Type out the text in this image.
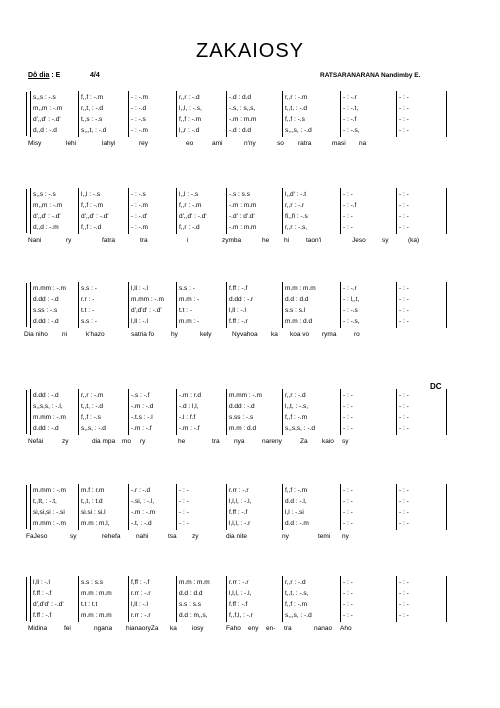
ZAKAIOSY
Dô dia : E	4/4	RATSARANARANA Nandimby E.
DC
s,,s : -.s	f,,f : -.m	- : -.m	r,,r : -.d	-.d : d.d	r,,r : -.m	- : -.r	- : -
m,,m : -.m	r,,t, : -.d	- : -.d	l,,l, : -.s,	-.s, : s,,s,	t,,t, : -.d	- : -.t,	- : -
d',,d' : -.d'	t,,s : -.s	- : -.s	f,,f : -.m	-.m : m.m	f,,f : -.s	- : -.f	- : -
d,,d : -.d	s,,,t, : -.d	- : -.m	l,,r : -.d	-.d : d.d	s,,,s, : -.d	- : -.s,	- : -
Misy	lehi	lahyi	rey	eo	ami	n'ny	so ratra	masi na
s,,s : -.s	l,,l : -.s	- : -.s	l,,l : -.s	-.s : s.s	l,,d' : -.t	- : -	- : -
m,,m : -.m	f,,f : -.m	- : -.m	f,,r : -.m	-.m : m.m	r,,r : -.r	- : -.f	- : -
d',,d' : -.d'	d',,d' : -.d'	- : -.d'	d',,d' : -.d'	-.d' : d'.d'	fi,,fi : -.s	- : -	- : -
d,,d : -.m	f,,f : -.d	- : -.m	f,,r : -.d	-.m : m.m	r,,r : -.s,	- : -	- : -
Nani	ry	fatra	tra	i	zymba	he hi	taon'i	Jeso	sy	(ka)
m.mm : -.m	s.s : -	l,ll : -.l	s.s : -	f.ff : -.f	m.m : m.m	- : -.r	- : -
d.dd : -.d	r.r : -	m.mm : -.m	m.m : -	d.dd : -.r	d.d : d.d	- : l,,t,	- : -
s.ss : -.s	t.t : -	d',d'd' : -.d'	t.t : -	l,ll : -.l	s.s : s.l	- : -.s	- : -
d.dd : -.d	s.s : -	l,ll : -.l	m.m : -	f.ff : -.r	m.m : d.d	- : -.s,	- : -
Dia niho ni	k'hazo	satria fo	hy	kely	Nyvahoa ka koa vo ryma	ro
d.dd : -.d	r,,r : -.m	-.s : -.f	-.m : r.d	m.mm : -.m	r,,r : -.d	- : -	- : -
s,,s,s, : -.l,	t,,t, : -.d	-.m : -.d	-.d : l,l,	d.dd : -.d	l,,t, : -.s,	- : -	- : -
m.mm : -.m	f,,f : -.s	-.t.s : -.l	-.l : f.f	s.ss : -.s	f,,f : -.m	- : -	- : -
d.dd : -.d	s,,s, : -.d	-.m : -.f	-.m : -.f	m.m : d.d	s,,s,s, : -.d	- : -	- : -
Nefai	zy	dia mpa mo ry	he	tra nya	nareny	Za kaio sy
m.mm : -.m	m.f : r.m	-.r : -.d	- : -	r.rr : -.r	f,,f : -.m	- : -	- : -
t,,tt, : -.t,	t,,t, : t.d	-.si, : -.l,	- : -	l,l,l, : -.l,	d.d : -.l,	- : -	- : -
si,si,si : -.si	si.si : si.l	-.m : -.m	- : -	f.ff : -.f	l,l : -.si	- : -	- : -
m.mm : -.m	m.m : m.l,	-.t, : -.d	- : -	l,l,l, : -.r	d.d : -.m	- : -	- : -
FaJeso	sy	rehefa nahi	tsa zy	dia nite	ny	temi ny
l,ll : -.l	s.s : s.s	f,ff : -.f	m.m : m.m	r.rr : -.r	r,,r : -.d	- : -	- : -
f.ff : -.f	m.m : m.m	r.rr : -.r	d.d : d.d	l,l,l, : -.l,	t,,t, : -.s,	- : -	- : -
d',d'd' : -.d'	t.t : t.t	l,ll : -.l	s.s : s.s	f.ff : -.f	f,,f : -.m	- : -	- : -
f.ff : -.f	m.m : m.m	r.rr : -.r	d.d : m,,s,	f,,f,l, : -.r	s,,,s, : -.d	- : -	- : -
Midina	fei	ngana hianaoryZa ka iosy	Faho eny en- tra	nanao Aho
